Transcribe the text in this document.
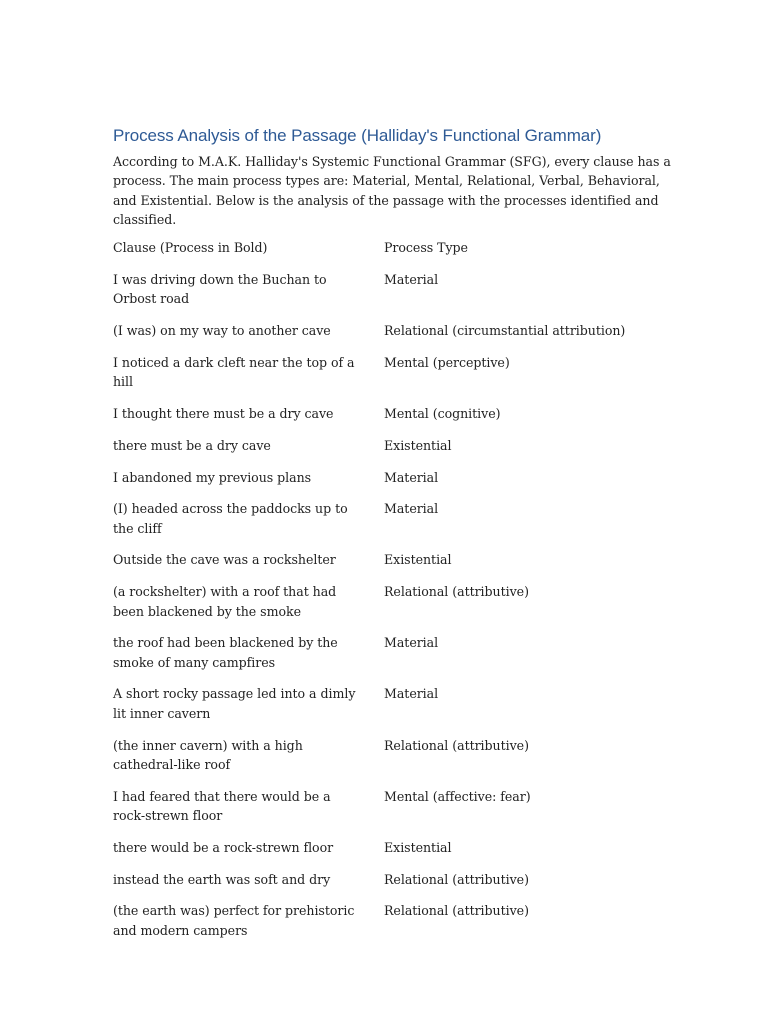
Process Analysis of the Passage (Halliday's Functional Grammar)

According to M.A.K. Halliday's Systemic Functional Grammar (SFG), every clause has a process. The main process types are: Material, Mental, Relational, Verbal, Behavioral, and Existential. Below is the analysis of the passage with the processes identified and classified.

Clause (Process in Bold)	Process Type
I was driving down the Buchan to Orbost road	Material
(I was) on my way to another cave	Relational (circumstantial attribution)
I noticed a dark cleft near the top of a hill	Mental (perceptive)
I thought there must be a dry cave	Mental (cognitive)
there must be a dry cave	Existential
I abandoned my previous plans	Material
(I) headed across the paddocks up to the cliff	Material
Outside the cave was a rockshelter	Existential
(a rockshelter) with a roof that had been blackened by the smoke	Relational (attributive)
the roof had been blackened by the smoke of many campfires	Material
A short rocky passage led into a dimly lit inner cavern	Material
(the inner cavern) with a high cathedral-like roof	Relational (attributive)
I had feared that there would be a rock-strewn floor	Mental (affective: fear)
there would be a rock-strewn floor	Existential
instead the earth was soft and dry	Relational (attributive)
(the earth was) perfect for prehistoric and modern campers	Relational (attributive)
